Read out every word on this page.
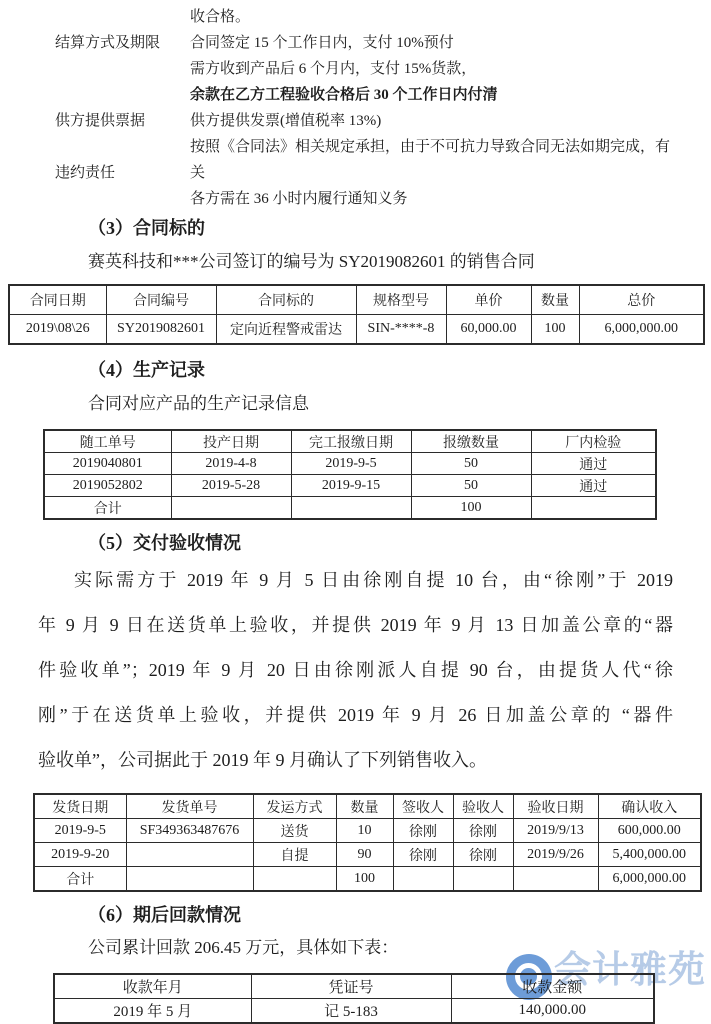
会计雅苑
收合格。
结算方式及期限	合同签定 15 个工作日内，支付 10%预付
需方收到产品后 6 个月内，支付 15%货款，
余款在乙方工程验收合格后 30 个工作日内付清
供方提供票据	供方提供发票(增值税率 13%)
违约责任
按照《合同法》相关规定承担，由于不可抗力导致合同无法如期完成，有关
各方需在 36 小时内履行通知义务
（3）合同标的

赛英科技和***公司签订的编号为 SY2019082601 的销售合同

合同日期	合同编号	合同标的	规格型号	单价	数量	总价
2019\08\26	SY2019082601	定向近程警戒雷达	SIN-****-8	60,000.00	100	6,000,000.00
（4）生产记录

合同对应产品的生产记录信息

随工单号	投产日期	完工报缴日期	报缴数量	厂内检验
2019040801	2019-4-8	2019-9-5	50	通过
2019052802	2019-5-28	2019-9-15	50	通过
合计			100	
（5）交付验收情况
实际需方于 2019 年 9 月 5 日由徐刚自提 10 台，由“徐刚”于 2019
年 9 月 9 日在送货单上验收，并提供 2019 年 9 月 13 日加盖公章的“器
件验收单”；2019 年 9 月 20 日由徐刚派人自提 90 台，由提货人代“徐
刚”于在送货单上验收，并提供 2019 年 9 月 26 日加盖公章的 “器件
验收单”，公司据此于 2019 年 9 月确认了下列销售收入。
发货日期	发货单号	发运方式	数量	签收人	验收人	验收日期	确认收入
2019-9-5	SF349363487676	送货	10	徐刚	徐刚	2019/9/13	600,000.00
2019-9-20		自提	90	徐刚	徐刚	2019/9/26	5,400,000.00
合计			100				6,000,000.00
（6）期后回款情况

公司累计回款 206.45 万元，具体如下表：

收款年月	凭证号	收款金额
2019 年 5 月	记 5-183	140,000.00
